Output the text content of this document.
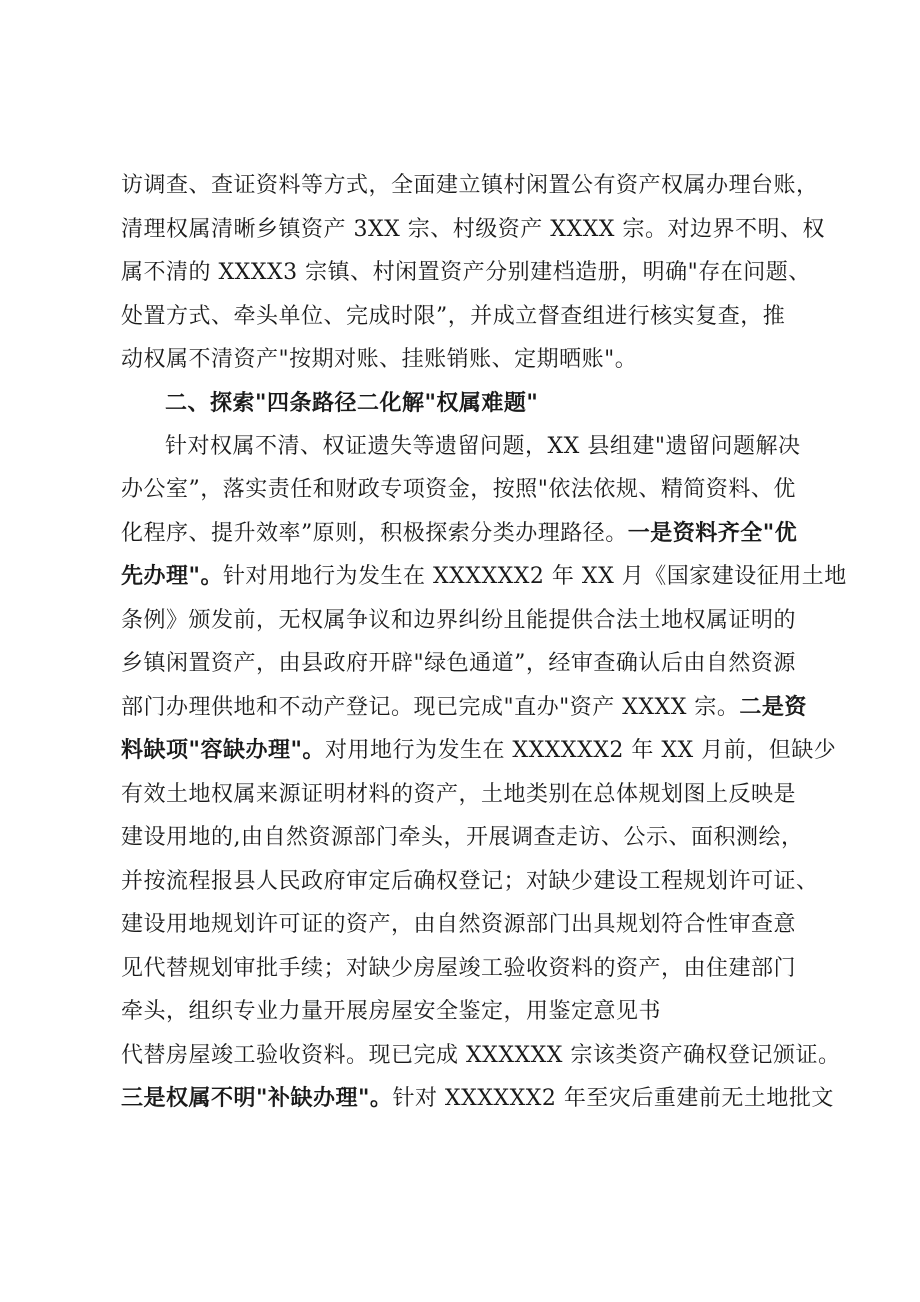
访调查、查证资料等方式，全面建立镇村闲置公有资产权属办理台账，
清理权属清晰乡镇资产 3XX 宗、村级资产 XXXX 宗。对边界不明、权
属不清的 XXXX3 宗镇、村闲置资产分别建档造册，明确"存在问题、
处置方式、牵头单位、完成时限”，并成立督查组进行核实复查，推
动权属不清资产"按期对账、挂账销账、定期晒账"。
二、探索"四条路径二化解"权属难题"
针对权属不清、权证遗失等遗留问题，XX 县组建"遗留问题解决
办公室”，落实责任和财政专项资金，按照"依法依规、精简资料、优
化程序、提升效率”原则，积极探索分类办理路径。一是资料齐全"优
先办理"。针对用地行为发生在 XXXXXX2 年 XX 月《国家建设征用土地
条例》颁发前，无权属争议和边界纠纷且能提供合法土地权属证明的
乡镇闲置资产，由县政府开辟"绿色通道”，经审查确认后由自然资源
部门办理供地和不动产登记。现已完成"直办"资产 XXXX 宗。二是资
料缺项"容缺办理"。对用地行为发生在 XXXXXX2 年 XX 月前，但缺少
有效土地权属来源证明材料的资产，土地类别在总体规划图上反映是
建设用地的,由自然资源部门牵头，开展调查走访、公示、面积测绘，
并按流程报县人民政府审定后确权登记；对缺少建设工程规划许可证、
建设用地规划许可证的资产，由自然资源部门出具规划符合性审查意
见代替规划审批手续；对缺少房屋竣工验收资料的资产，由住建部门
牵头，组织专业力量开展房屋安全鉴定，用鉴定意见书
代替房屋竣工验收资料。现已完成 XXXXXX 宗该类资产确权登记颁证。
三是权属不明"补缺办理"。针对 XXXXXX2 年至灾后重建前无土地批文
